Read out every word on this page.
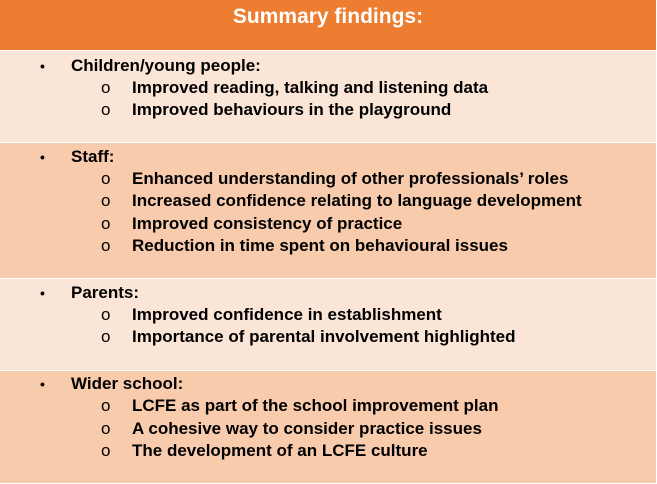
Summary findings:
• Children/young people:
o Improved reading, talking and listening data
o Improved behaviours in the playground
• Staff:
o Enhanced understanding of other professionals’ roles
o Increased confidence relating to language development
o Improved consistency of practice
o Reduction in time spent on behavioural issues
• Parents:
o Improved confidence in establishment
o Importance of parental involvement highlighted
• Wider school:
o LCFE as part of the school improvement plan
o A cohesive way to consider practice issues
o The development of an LCFE culture
